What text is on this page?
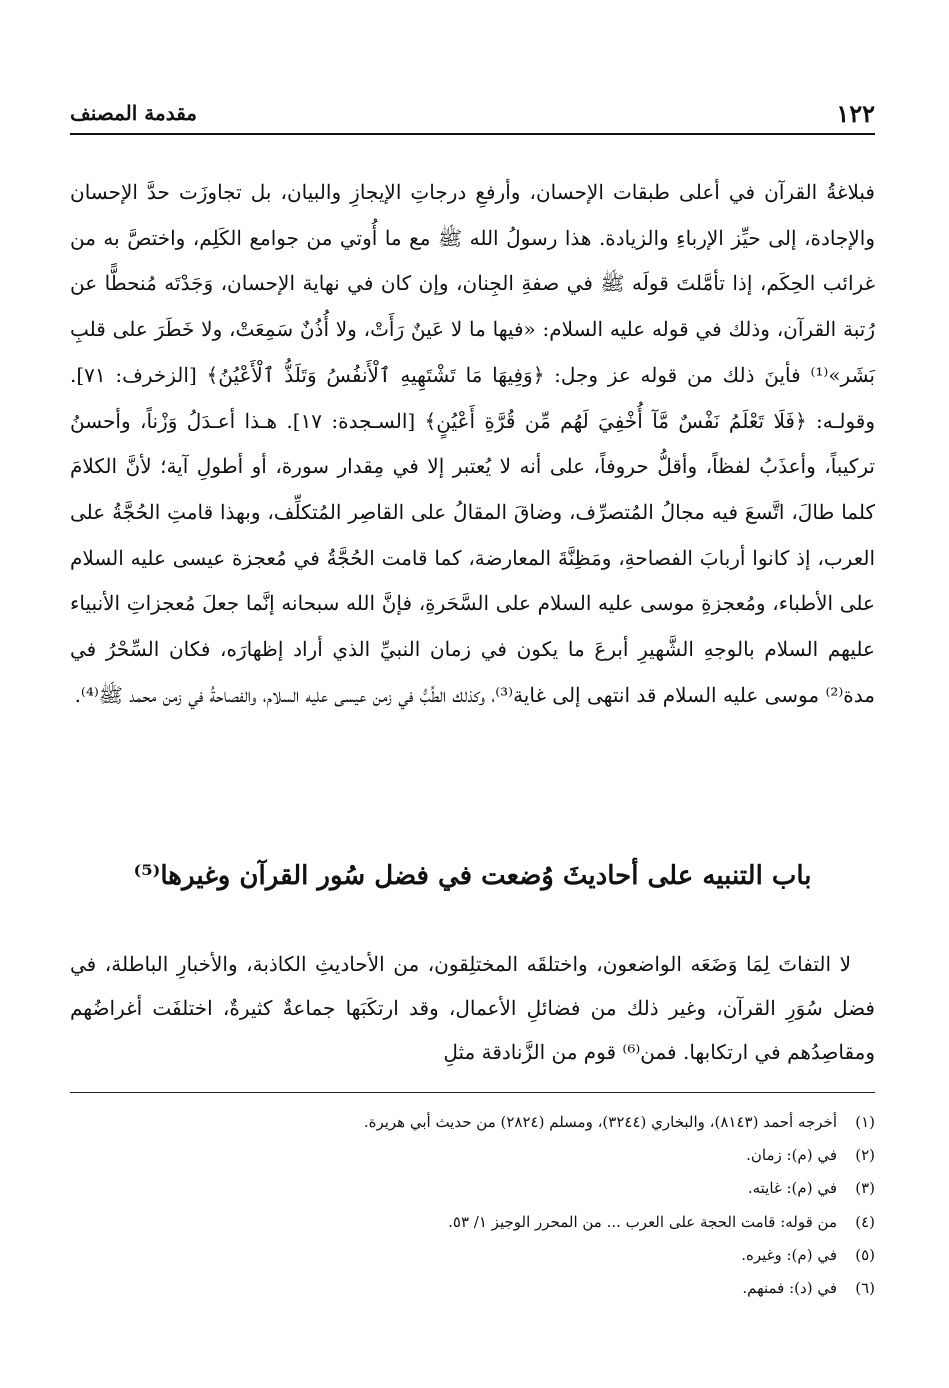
١٢٢
مقدمة المصنف

فبلاغةُ القرآن في أعلى طبقات الإحسان، وأرفعِ درجاتِ الإيجازِ والبيان، بل تجاوزَت حدَّ الإحسان والإجادة، إلى حيِّز الإرباءِ والزيادة. هذا رسولُ الله ﷺ مع ما أُوتي من جوامع الكَلِم، واختصَّ به من غرائب الحِكَم، إذا تأمَّلتَ قولَه ﷺ في صفةِ الجِنان، وإن كان في نهاية الإحسان، وَجَدْتَه مُنحطًّا عن رُتبة القرآن، وذلك في قوله عليه السلام: «فيها ما لا عَينٌ رَأَتْ، ولا أُذُنٌ سَمِعَتْ، ولا خَطَرَ على قلبِ بَشَر»⁽¹⁾ فأينَ ذلك من قوله عز وجل: ﴿وَفِيهَا مَا تَشْتَهِيهِ ٱلْأَنفُسُ وَتَلَذُّ ٱلْأَعْيُنُ﴾ [الزخرف: ٧١]. وقولـه: ﴿فَلَا تَعْلَمُ نَفْسٌ مَّآ أُخْفِيَ لَهُم مِّن قُرَّةِ أَعْيُنٍ﴾ [السـجدة: ١٧]. هـذا أعـدَلُ وَزْناً، وأحسنُ تركيباً، وأعذَبُ لفظاً، وأقلُّ حروفاً، على أنه لا يُعتبر إلا في مِقدار سورة، أو أطولِ آية؛ لأنَّ الكلامَ كلما طالَ، اتَّسعَ فيه مجالُ المُتصرِّف، وضاقَ المقالُ على القاصِر المُتكلِّف، وبهذا قامتِ الحُجَّةُ على العرب، إذ كانوا أربابَ الفصاحةِ، ومَظِنَّةَ المعارضة، كما قامت الحُجَّةُ في مُعجزة عيسى عليه السلام على الأطباء، ومُعجزةِ موسى عليه السلام على السَّحَرةِ، فإنَّ الله سبحانه إنَّما جعلَ مُعجزاتِ الأنبياء عليهم السلام بالوجهِ الشَّهيرِ أبرعَ ما يكون في زمان النبيِّ الذي أراد إظهارَه، فكان السِّحْرُ في مدة⁽²⁾ موسى عليه السلام قد انتهى إلى غاية⁽³⁾، وكذلك الطِّبُّ في زمن عيسى عليه السلام، والفصاحةُ في زمن محمد ﷺ⁽⁴⁾.

باب التنبيه على أحاديثَ وُضعت في فضل سُور القرآن وغيرها⁽⁵⁾

لا التفاتَ لِمَا وَضَعَه الواضعون، واختلقَه المختلِقون، من الأحاديثِ الكاذبة، والأخبارِ الباطلة، في فضل سُوَرِ القرآن، وغير ذلك من فضائلِ الأعمال، وقد ارتكَبَها جماعةٌ كثيرةٌ، اختلفَت أغراضُهم ومقاصِدُهم في ارتكابها. فمن⁽⁶⁾ قوم من الزَّنادقة مثلِ

(١)
أخرجه أحمد (٨١٤٣)، والبخاري (٣٢٤٤)، ومسلم (٢٨٢٤) من حديث أبي هريرة.
(٢)
في (م): زمان.
(٣)
في (م): غايته.
(٤)
من قوله: قامت الحجة على العرب ... من المحرر الوجيز ١/ ٥٣.
(٥)
في (م): وغيره.
(٦)
في (د): فمنهم.
